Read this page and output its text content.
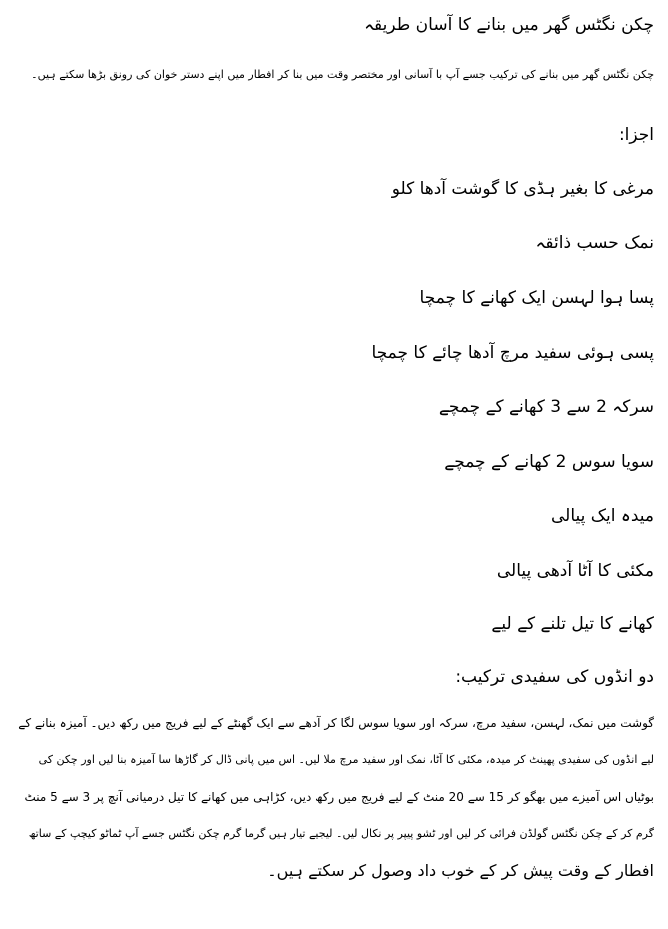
چکن نگٹس گھر میں بنانے کا آسان طریقہ
چکن نگٹس گھر میں بنانے کی ترکیب جسے آپ با آسانی اور مختصر وقت میں بنا کر افطار میں اپنے دستر خوان کی رونق بڑھا سکتے ہیں۔
اجزا:
مرغی کا بغیر ہڈی کا گوشت آدھا کلو
نمک حسب ذائقہ
پسا ہوا لہسن ایک کھانے کا چمچا
پسی ہوئی سفید مرچ آدھا چائے کا چمچا
سرکہ 2 سے 3 کھانے کے چمچے
سویا سوس 2 کھانے کے چمچے
میدہ ایک پیالی
مکئی کا آٹا آدھی پیالی
کھانے کا تیل تلنے کے لیے
دو انڈوں کی سفیدی ترکیب:
گوشت میں نمک، لہسن، سفید مرچ، سرکہ اور سویا سوس لگا کر آدھے سے ایک گھنٹے کے لیے فریج میں رکھ دیں۔ آمیزہ بنانے کے
لیے انڈوں کی سفیدی پھینٹ کر میدہ، مکئی کا آٹا، نمک اور سفید مرچ ملا لیں۔ اس میں پانی ڈال کر گاڑھا سا آمیزہ بنا لیں اور چکن کی
بوٹیاں اس آمیزے میں بھگو کر 15 سے 20 منٹ کے لیے فریج میں رکھ دیں، کڑاہی میں کھانے کا تیل درمیانی آنچ پر 3 سے 5 منٹ
گرم کر کے چکن نگٹس گولڈن فرائی کر لیں اور ٹشو پیپر پر نکال لیں۔ لیجیے تیار ہیں گرما گرم چکن نگٹس جسے آپ ٹماٹو کیچپ کے ساتھ
افطار کے وقت پیش کر کے خوب داد وصول کر سکتے ہیں۔
